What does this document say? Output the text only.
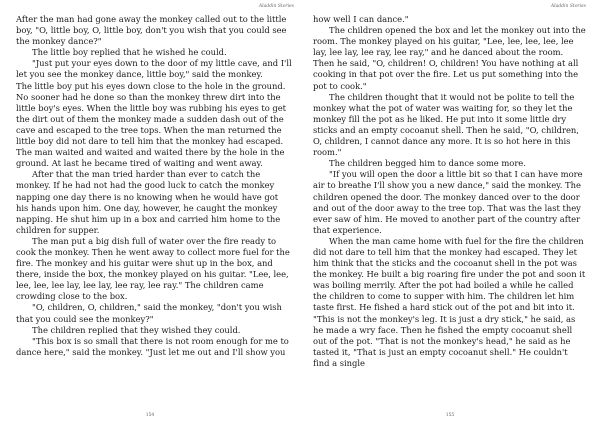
Aladdin Stories

After the man had gone away the monkey called out to the little boy, "O, little boy, O, little boy, don't you wish that you could see the monkey dance?"

The little boy replied that he wished he could.

"Just put your eyes down to the door of my little cave, and I'll let you see the monkey dance, little boy," said the monkey.

The little boy put his eyes down close to the hole in the ground. No sooner had he done so than the monkey threw dirt into the little boy's eyes. When the little boy was rubbing his eyes to get the dirt out of them the monkey made a sudden dash out of the cave and escaped to the tree tops. When the man returned the little boy did not dare to tell him that the monkey had escaped. The man waited and waited and waited there by the hole in the ground. At last he became tired of waiting and went away.

After that the man tried harder than ever to catch the monkey. If he had not had the good luck to catch the monkey napping one day there is no knowing when he would have got his hands upon him. One day, however, he caught the monkey napping. He shut him up in a box and carried him home to the children for supper.

The man put a big dish full of water over the fire ready to cook the monkey. Then he went away to collect more fuel for the fire. The monkey and his guitar were shut up in the box, and there, inside the box, the monkey played on his guitar. "Lee, lee, lee, lee, lee lay, lee lay, lee ray, lee ray." The children came crowding close to the box.

"O, children, O, children," said the monkey, "don't you wish that you could see the monkey?"

The children replied that they wished they could.

"This box is so small that there is not room enough for me to dance here," said the monkey. "Just let me out and I'll show you

154
Aladdin Stories

how well I can dance."

The children opened the box and let the monkey out into the room. The monkey played on his guitar, "Lee, lee, lee, lee, lee lay, lee lay, lee ray, lee ray," and he danced about the room. Then he said, "O, children! O, children! You have nothing at all cooking in that pot over the fire. Let us put something into the pot to cook."

The children thought that it would not be polite to tell the monkey what the pot of water was waiting for, so they let the monkey fill the pot as he liked. He put into it some little dry sticks and an empty cocoanut shell. Then he said, "O, children, O, children, I cannot dance any more. It is so hot here in this room."

The children begged him to dance some more.

"If you will open the door a little bit so that I can have more air to breathe I'll show you a new dance," said the monkey. The children opened the door. The monkey danced over to the door and out of the door away to the tree top. That was the last they ever saw of him. He moved to another part of the country after that experience.

When the man came home with fuel for the fire the children did not dare to tell him that the monkey had escaped. They let him think that the sticks and the cocoanut shell in the pot was the monkey. He built a big roaring fire under the pot and soon it was boiling merrily. After the pot had boiled a while he called the children to come to supper with him. The children let him taste first. He fished a hard stick out of the pot and bit into it. "This is not the monkey's leg. It is just a dry stick," he said, as he made a wry face. Then he fished the empty cocoanut shell out of the pot. "That is not the monkey's head," he said as he tasted it, "That is just an empty cocoanut shell." He couldn't find a single

155
